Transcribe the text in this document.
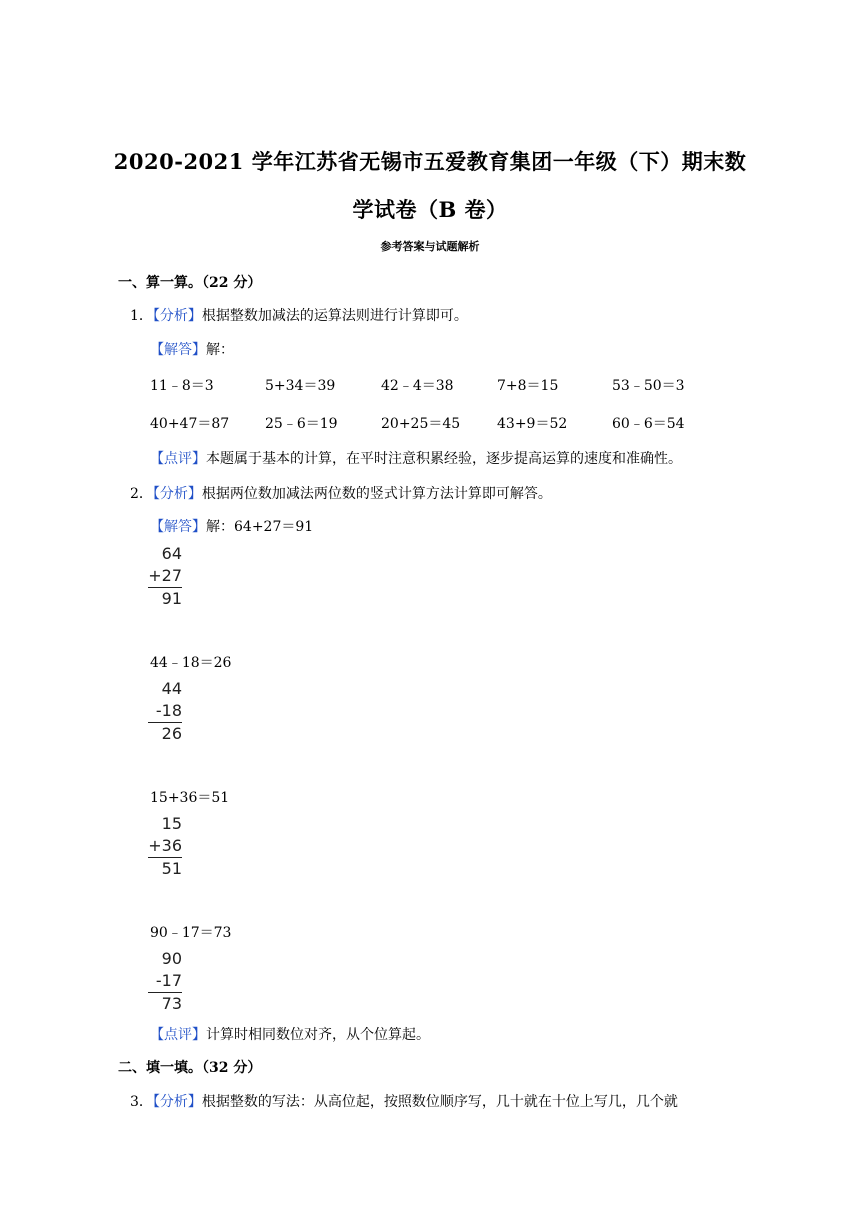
2020-2021 学年江苏省无锡市五爱教育集团一年级（下）期末数
学试卷（B 卷）
参考答案与试题解析
一、算一算。（22 分）
1．【分析】根据整数加减法的运算法则进行计算即可。
【解答】解：
11﹣8＝3	5+34＝39	42﹣4＝38	7+8＝15	53﹣50＝3
40+47＝87	25﹣6＝19	20+25＝45	43+9＝52	60﹣6＝54
【点评】本题属于基本的计算，在平时注意积累经验，逐步提高运算的速度和准确性。
2．【分析】根据两位数加减法两位数的竖式计算方法计算即可解答。
【解答】解：64+27＝91
64
+27
91
44﹣18＝26
44
-18
26
15+36＝51
15
+36
51
90﹣17＝73
90
-17
73
【点评】计算时相同数位对齐，从个位算起。
二、填一填。（32 分）
3．【分析】根据整数的写法：从高位起，按照数位顺序写，几十就在十位上写几，几个就
